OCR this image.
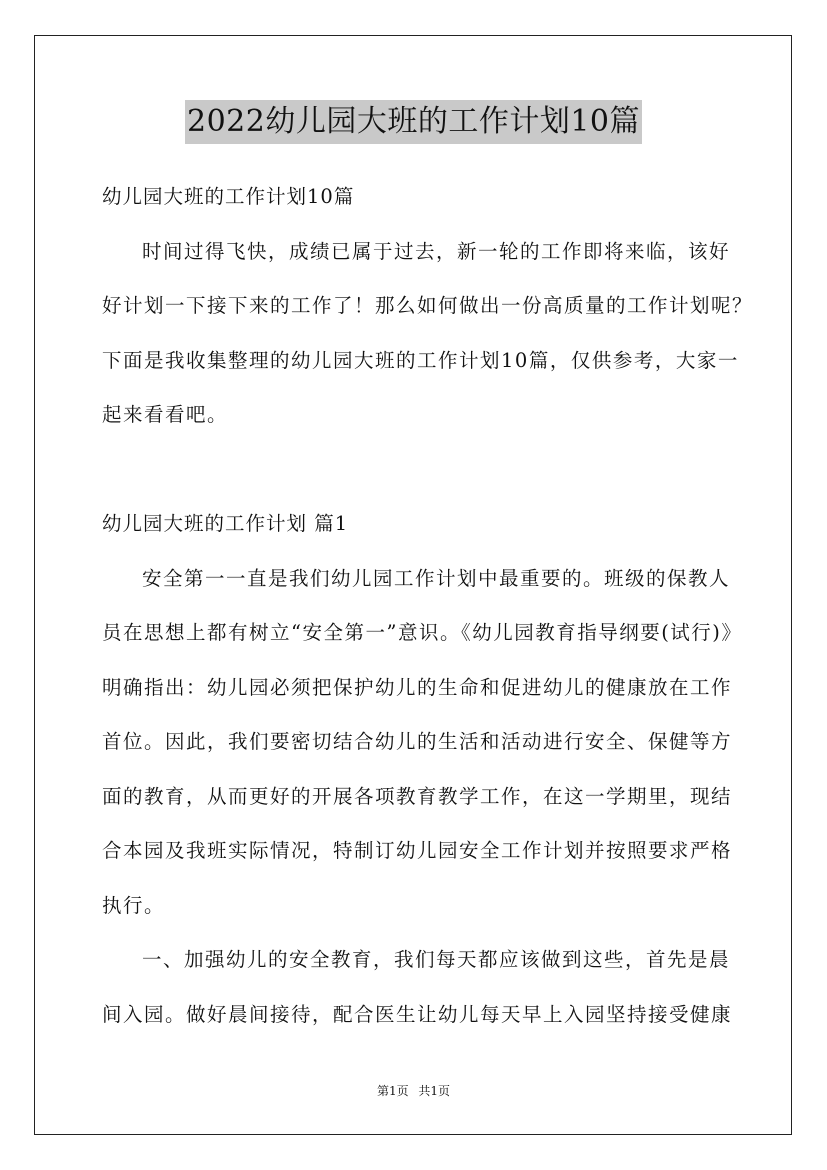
2022幼儿园大班的工作计划10篇
幼儿园大班的工作计划10篇
时间过得飞快，成绩已属于过去，新一轮的工作即将来临，该好
好计划一下接下来的工作了！那么如何做出一份高质量的工作计划呢？
下面是我收集整理的幼儿园大班的工作计划10篇，仅供参考，大家一
起来看看吧。
幼儿园大班的工作计划 篇1
安全第一一直是我们幼儿园工作计划中最重要的。班级的保教人
员在思想上都有树立“安全第一”意识。《幼儿园教育指导纲要(试行)》
明确指出：幼儿园必须把保护幼儿的生命和促进幼儿的健康放在工作
首位。因此，我们要密切结合幼儿的生活和活动进行安全、保健等方
面的教育，从而更好的开展各项教育教学工作，在这一学期里，现结
合本园及我班实际情况，特制订幼儿园安全工作计划并按照要求严格
执行。
一、加强幼儿的安全教育，我们每天都应该做到这些，首先是晨
间入园。做好晨间接待，配合医生让幼儿每天早上入园坚持接受健康
第1页 共1页
